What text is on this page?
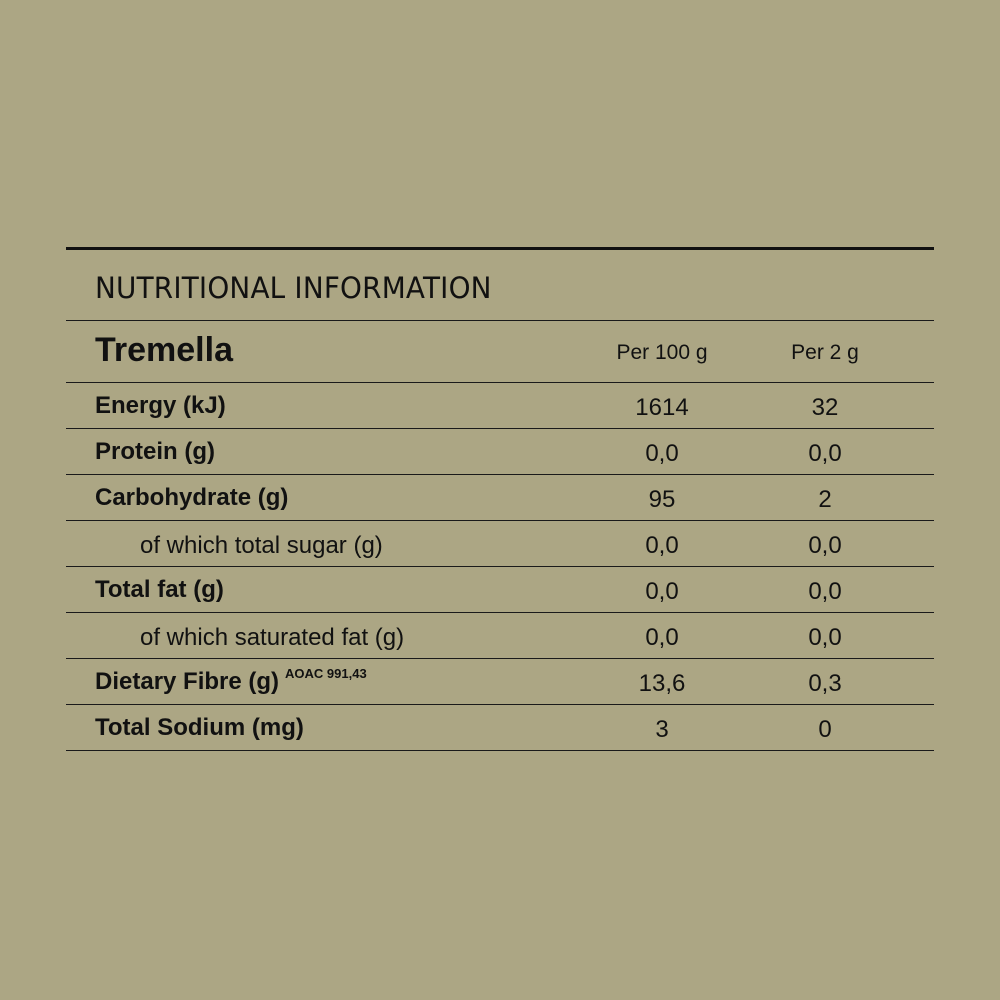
NUTRITIONAL INFORMATION
Tremella	Per 100 g	Per 2 g
Energy (kJ)	1614	32
Protein (g)	0,0	0,0
Carbohydrate (g)	95	2
of which total sugar (g)	0,0	0,0
Total fat (g)	0,0	0,0
of which saturated fat (g)	0,0	0,0
Dietary Fibre (g) $^{AOAC 991,43}$	13,6	0,3
Total Sodium (mg)	3	0
